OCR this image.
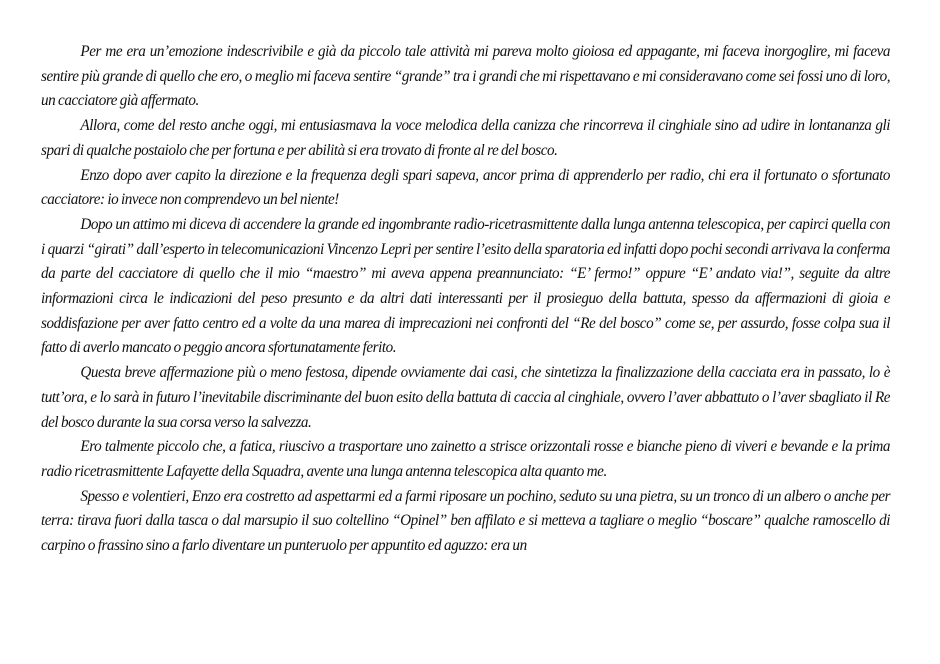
Per me era un’emozione indescrivibile e già da piccolo tale attività mi pareva molto gioiosa ed appagante, mi faceva inorgoglire, mi faceva sentire più grande di quello che ero, o meglio mi faceva sentire “grande” tra i grandi che mi rispettavano e mi consideravano come sei fossi uno di loro, un cacciatore già affermato.

Allora, come del resto anche oggi, mi entusiasmava la voce melodica della canizza che rincorreva il cinghiale sino ad udire in lontananza gli spari di qualche postaiolo che per fortuna e per abilità si era trovato di fronte al re del bosco.

Enzo dopo aver capito la direzione e la frequenza degli spari sapeva, ancor prima di apprenderlo per radio, chi era il fortunato o sfortunato cacciatore: io invece non comprendevo un bel niente!

Dopo un attimo mi diceva di accendere la grande ed ingombrante radio-ricetrasmittente dalla lunga antenna telescopica, per capirci quella con i quarzi “girati” dall’esperto in telecomunicazioni Vincenzo Lepri per sentire l’esito della sparatoria ed infatti dopo pochi secondi arrivava la conferma da parte del cacciatore di quello che il mio “maestro” mi aveva appena preannunciato: “E’ fermo!” oppure “E’ andato via!”, seguite da altre informazioni circa le indicazioni del peso presunto e da altri dati interessanti per il prosieguo della battuta, spesso da affermazioni di gioia e soddisfazione per aver fatto centro ed a volte da una marea di imprecazioni nei confronti del “Re del bosco” come se, per assurdo, fosse colpa sua il fatto di averlo mancato o peggio ancora sfortunatamente ferito.

Questa breve affermazione più o meno festosa, dipende ovviamente dai casi, che sintetizza la finalizzazione della cacciata era in passato, lo è tutt’ora, e lo sarà in futuro l’inevitabile discriminante del buon esito della battuta di caccia al cinghiale, ovvero l’aver abbattuto o l’aver sbagliato il Re del bosco durante la sua corsa verso la salvezza.

Ero talmente piccolo che, a fatica, riuscivo a trasportare uno zainetto a strisce orizzontali rosse e bianche pieno di viveri e bevande e la prima radio ricetrasmittente Lafayette della Squadra, avente una lunga antenna telescopica alta quanto me.

Spesso e volentieri, Enzo era costretto ad aspettarmi ed a farmi riposare un pochino, seduto su una pietra, su un tronco di un albero o anche per terra: tirava fuori dalla tasca o dal marsupio il suo coltellino “Opinel” ben affilato e si metteva a tagliare o meglio “boscare” qualche ramoscello di carpino o frassino sino a farlo diventare un punteruolo per appuntito ed aguzzo: era un
